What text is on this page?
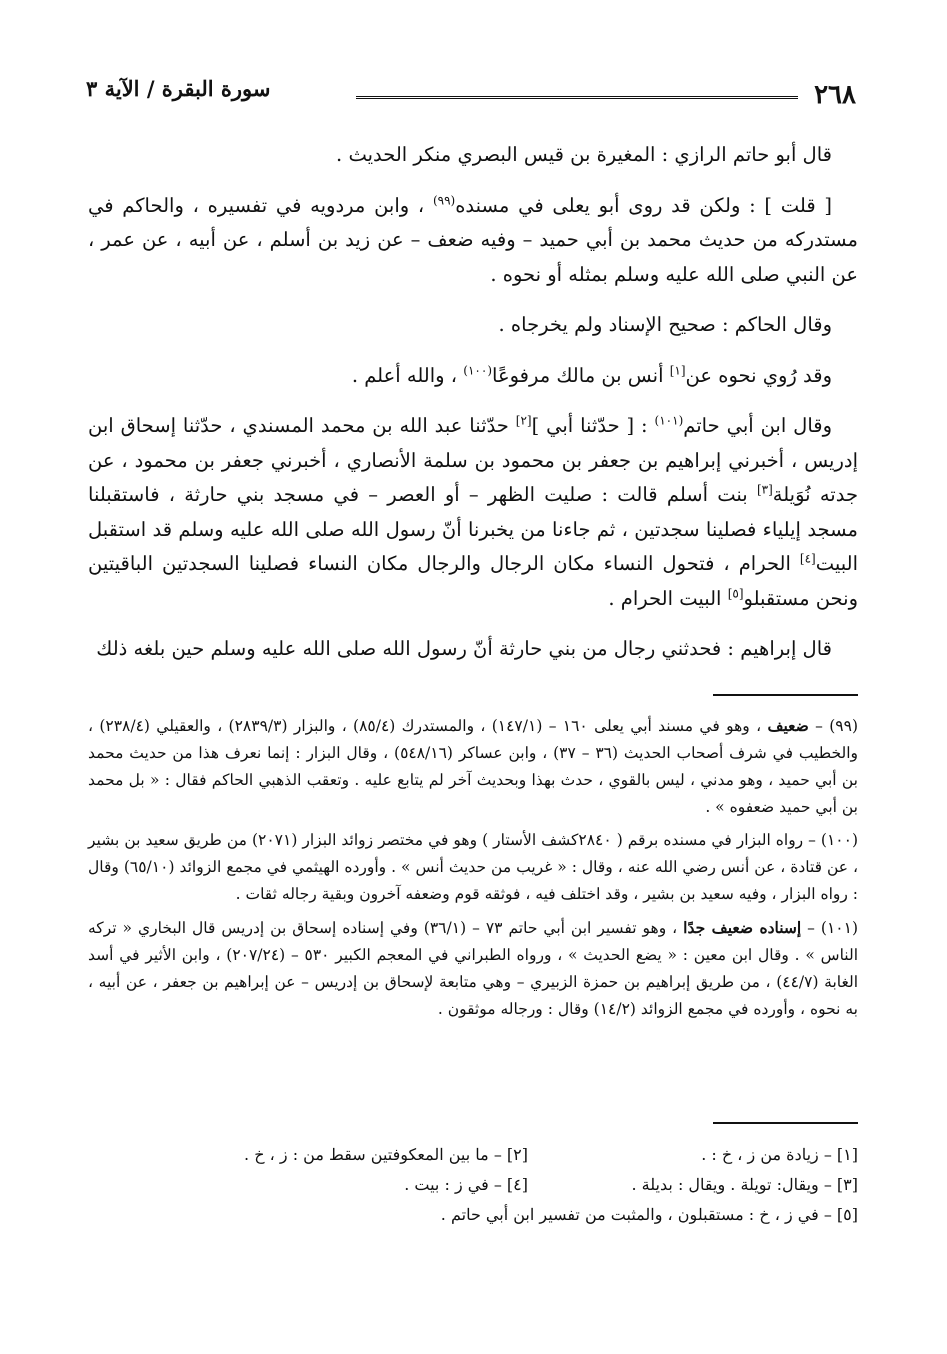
٢٦٨
سورة البقرة / الآية ٣

قال أبو حاتم الرازي : المغيرة بن قيس البصري منكر الحديث .

[ قلت ] : ولكن قد روى أبو يعلى في مسنده$^{(٩٩)}$ ، وابن مردويه في تفسيره ، والحاكم في مستدركه من حديث محمد بن أبي حميد – وفيه ضعف – عن زيد بن أسلم ، عن أبيه ، عن عمر ، عن النبي صلى الله عليه وسلم بمثله أو نحوه .

وقال الحاكم : صحيح الإسناد ولم يخرجاه .

وقد رُوي نحوه عن[١] أنس بن مالك مرفوعًا$^{(١٠٠)}$ ، والله أعلم .

وقال ابن أبي حاتم$^{(١٠١)}$ : [ حدّثنا أبي ][٢] حدّثنا عبد الله بن محمد المسندي ، حدّثنا إسحاق ابن إدريس ، أخبرني إبراهيم بن جعفر بن محمود بن سلمة الأنصاري ، أخبرني جعفر بن محمود ، عن جدته نُوَيلة[٣] بنت أسلم قالت : صليت الظهر – أو العصر – في مسجد بني حارثة ، فاستقبلنا مسجد إيلياء فصلينا سجدتين ، ثم جاءنا من يخبرنا أنّ رسول الله صلى الله عليه وسلم قد استقبل البيت[٤] الحرام ، فتحول النساء مكان الرجال والرجال مكان النساء فصلينا السجدتين الباقيتين ونحن مستقبلو[٥] البيت الحرام .

قال إبراهيم : فحدثني رجال من بني حارثة أنّ رسول الله صلى الله عليه وسلم حين بلغه ذلك

(٩٩) – ضعيف ، وهو في مسند أبي يعلى ١٦٠ – (١٤٧/١) ، والمستدرك (٨٥/٤) ، والبزار (٢٨٣٩/٣) ، والعقيلي (٢٣٨/٤) ، والخطيب في شرف أصحاب الحديث (٣٦ – ٣٧) ، وابن عساكر (٥٤٨/١٦) ، وقال البزار : إنما نعرف هذا من حديث محمد بن أبي حميد ، وهو مدني ، ليس بالقوي ، حدث بهذا وبحديث آخر لم يتابع عليه . وتعقب الذهبي الحاكم فقال : « بل محمد بن أبي حميد ضعفوه » .

(١٠٠) – رواه البزار في مسنده برقم ( ٢٨٤٠كشف الأستار ) وهو في مختصر زوائد البزار (٢٠٧١) من طريق سعيد بن بشير ، عن قتادة ، عن أنس رضي الله عنه ، وقال : « غريب من حديث أنس » . وأورده الهيثمي في مجمع الزوائد (٦٥/١٠) وقال : رواه البزار ، وفيه سعيد بن بشير ، وقد اختلف فيه ، فوثقه قوم وضعفه آخرون وبقية رجاله ثقات .

(١٠١) – إسناده ضعيف جدًا ، وهو تفسير ابن أبي حاتم ٧٣ – (٣٦/١) وفي إسناده إسحاق بن إدريس قال البخاري « تركه الناس » . وقال ابن معين : « يضع الحديث » ، ورواه الطبراني في المعجم الكبير ٥٣٠ – (٢٠٧/٢٤) ، وابن الأثير في أسد الغابة (٤٤/٧) ، من طريق إبراهيم بن حمزة الزبيري – وهي متابعة لإسحاق بن إدريس – عن إبراهيم بن جعفر ، عن أبيه ، به نحوه ، وأورده في مجمع الزوائد (١٤/٢) وقال : ورجاله موثقون .

[١] – زيادة من ز ، خ : .
[٢] – ما بين المعكوفتين سقط من : ز ، خ .
[٣] – ويقال: تويلة . ويقال : بديلة .
[٤] – في ز : بيت .
[٥] – في ز ، خ : مستقبلون ، والمثبت من تفسير ابن أبي حاتم .
